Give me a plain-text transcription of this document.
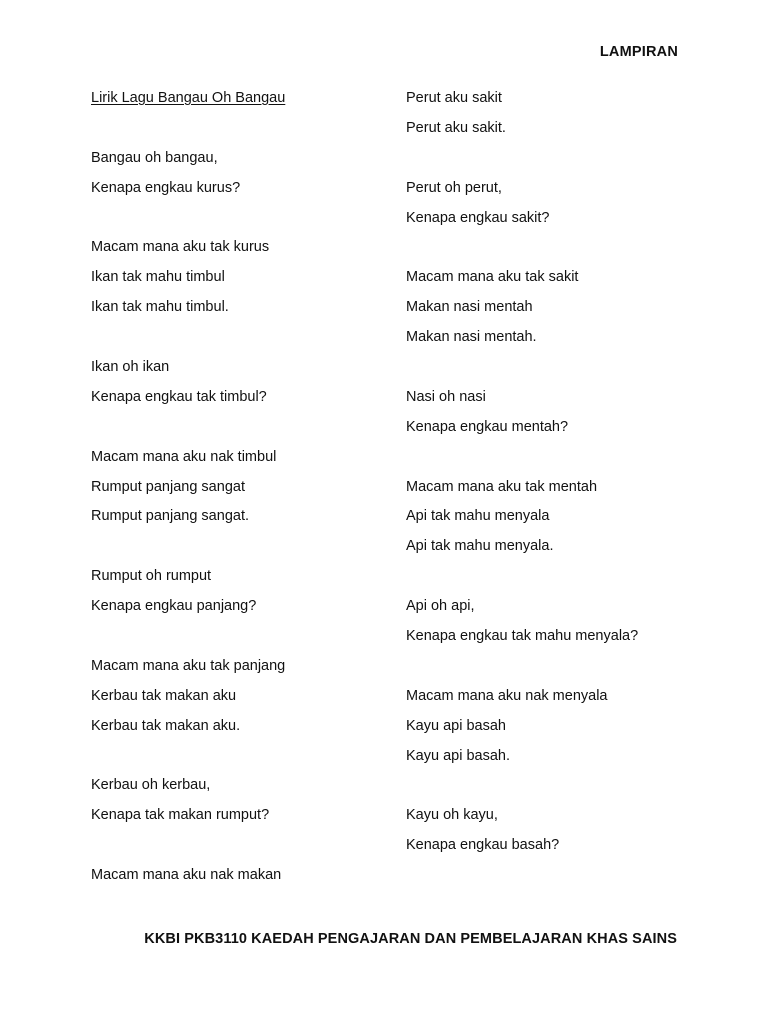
LAMPIRAN
Lirik Lagu Bangau Oh Bangau
Bangau oh bangau,
Kenapa engkau kurus?
Macam mana aku tak kurus
Ikan tak mahu timbul
Ikan tak mahu timbul.
Ikan oh ikan
Kenapa engkau tak timbul?
Macam mana aku nak timbul
Rumput panjang sangat
Rumput panjang sangat.
Rumput oh rumput
Kenapa engkau panjang?
Macam mana aku tak panjang
Kerbau tak makan aku
Kerbau tak makan aku.
Kerbau oh kerbau,
Kenapa tak makan rumput?
Macam mana aku nak makan
Perut aku sakit
Perut aku sakit.
Perut oh perut,
Kenapa engkau sakit?
Macam mana aku tak sakit
Makan nasi mentah
Makan nasi mentah.
Nasi oh nasi
Kenapa engkau mentah?
Macam mana aku tak mentah
Api tak mahu menyala
Api tak mahu menyala.
Api oh api,
Kenapa engkau tak mahu menyala?
Macam mana aku nak menyala
Kayu api basah
Kayu api basah.
Kayu oh kayu,
Kenapa engkau basah?
KKBI PKB3110 KAEDAH PENGAJARAN DAN PEMBELAJARAN KHAS SAINS
